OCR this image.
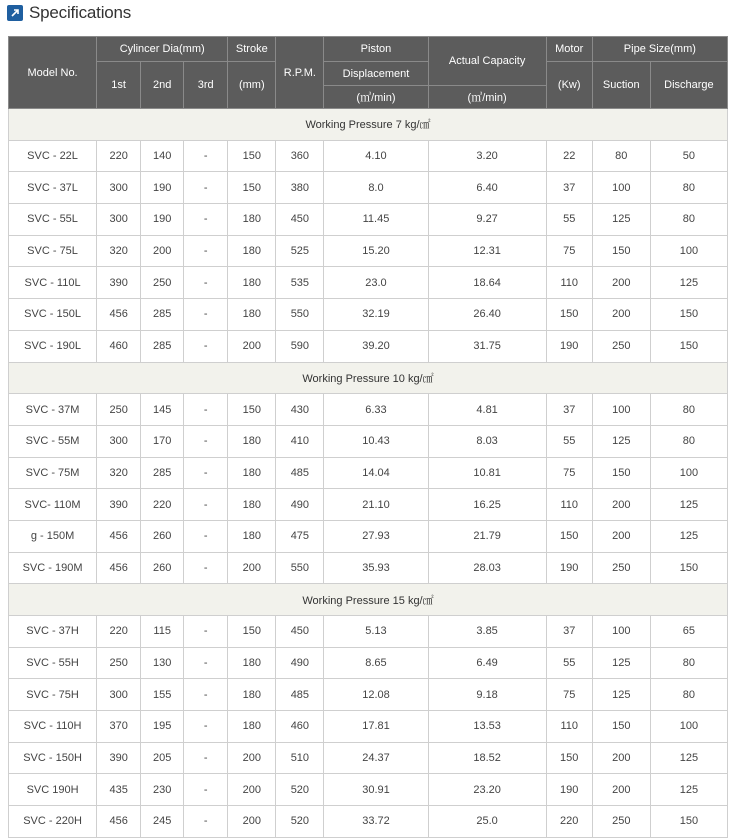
Specifications
Model No.	Cylincer Dia(mm)			Stroke	R.P.M.	Piston	Actual Capacity	Motor	Pipe Size(mm)	
	1st	2nd	3rd	(mm)		Displacement		(Kw)	Suction	Discharge
						(㎥/min)	(㎥/min)			
Working Pressure 7 kg/㎠										
SVC - 22L	220	140	-	150	360	4.10	3.20	22	80	50
SVC - 37L	300	190	-	150	380	8.0	6.40	37	100	80
SVC - 55L	300	190	-	180	450	11.45	9.27	55	125	80
SVC - 75L	320	200	-	180	525	15.20	12.31	75	150	100
SVC - 110L	390	250	-	180	535	23.0	18.64	110	200	125
SVC - 150L	456	285	-	180	550	32.19	26.40	150	200	150
SVC - 190L	460	285	-	200	590	39.20	31.75	190	250	150
Working Pressure 10 kg/㎠										
SVC - 37M	250	145	-	150	430	6.33	4.81	37	100	80
SVC - 55M	300	170	-	180	410	10.43	8.03	55	125	80
SVC - 75M	320	285	-	180	485	14.04	10.81	75	150	100
SVC- 110M	390	220	-	180	490	21.10	16.25	110	200	125
g - 150M	456	260	-	180	475	27.93	21.79	150	200	125
SVC - 190M	456	260	-	200	550	35.93	28.03	190	250	150
Working Pressure 15 kg/㎠										
SVC - 37H	220	115	-	150	450	5.13	3.85	37	100	65
SVC - 55H	250	130	-	180	490	8.65	6.49	55	125	80
SVC - 75H	300	155	-	180	485	12.08	9.18	75	125	80
SVC - 110H	370	195	-	180	460	17.81	13.53	110	150	100
SVC - 150H	390	205	-	200	510	24.37	18.52	150	200	125
SVC 190H	435	230	-	200	520	30.91	23.20	190	200	125
SVC - 220H	456	245	-	200	520	33.72	25.0	220	250	150
